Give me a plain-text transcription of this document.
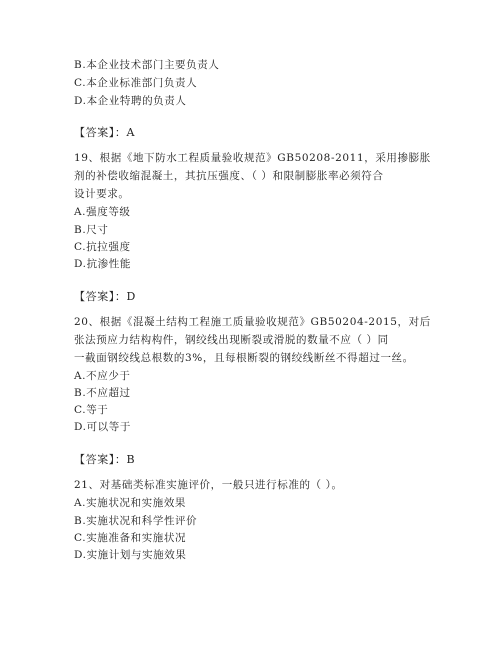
B.本企业技术部门主要负责人
C.本企业标准部门负责人
D.本企业特聘的负责人
【答案】：A
19、根据《地下防水工程质量验收规范》GB50208-2011，采用掺膨胀
剂的补偿收缩混凝土，其抗压强度、（ ）和限制膨胀率必须符合
设计要求。
A.强度等级
B.尺寸
C.抗拉强度
D.抗渗性能
【答案】：D
20、根据《混凝土结构工程施工质量验收规范》GB50204-2015，对后
张法预应力结构构件，钢绞线出现断裂或滑脱的数量不应（ ）同
一截面钢绞线总根数的3%，且每根断裂的钢绞线断丝不得超过一丝。
A.不应少于
B.不应超过
C.等于
D.可以等于
【答案】：B
21、对基础类标准实施评价，一般只进行标准的（ ）。
A.实施状况和实施效果
B.实施状况和科学性评价
C.实施准备和实施状况
D.实施计划与实施效果
